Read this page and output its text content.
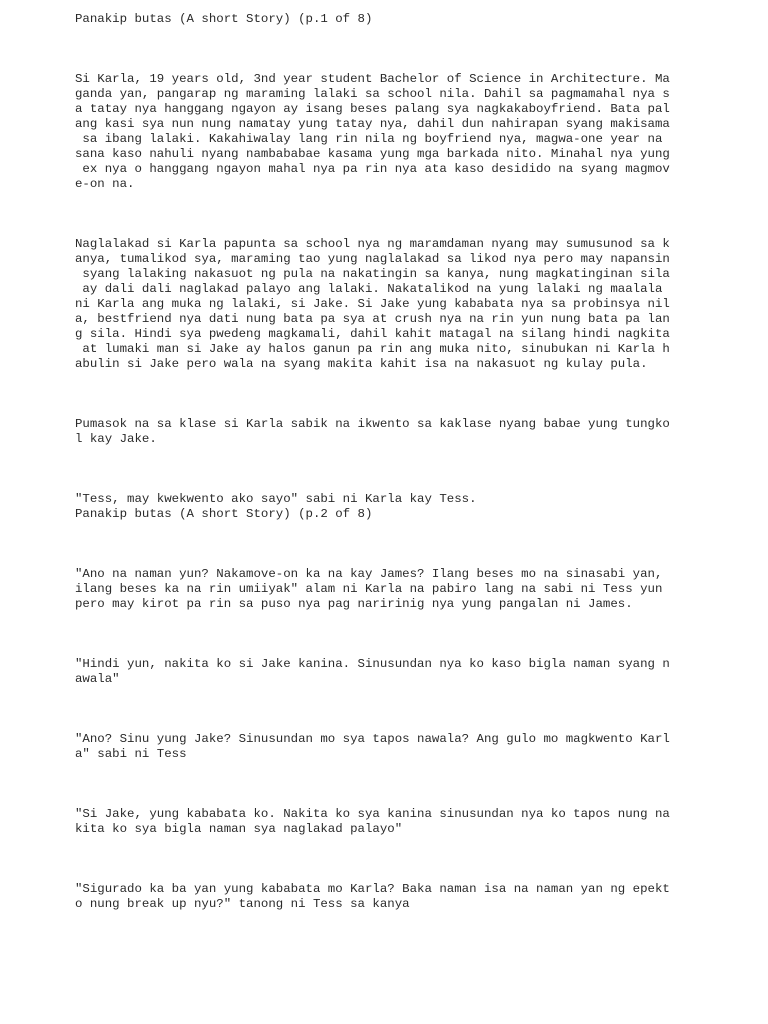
Panakip butas (A short Story) (p.1 of 8)
Si Karla, 19 years old, 3nd year student Bachelor of Science in Architecture. Ma
ganda yan, pangarap ng maraming lalaki sa school nila. Dahil sa pagmamahal nya s
a tatay nya hanggang ngayon ay isang beses palang sya nagkakaboyfriend. Bata pal
ang kasi sya nun nung namatay yung tatay nya, dahil dun nahirapan syang makisama
sa ibang lalaki. Kakahiwalay lang rin nila ng boyfriend nya, magwa-one year na
sana kaso nahuli nyang nambababae kasama yung mga barkada nito. Minahal nya yung
ex nya o hanggang ngayon mahal nya pa rin nya ata kaso desidido na syang magmov
e-on na.
Naglalakad si Karla papunta sa school nya ng maramdaman nyang may sumusunod sa k
anya, tumalikod sya, maraming tao yung naglalakad sa likod nya pero may napansin
syang lalaking nakasuot ng pula na nakatingin sa kanya, nung magkatinginan sila
ay dali dali naglakad palayo ang lalaki. Nakatalikod na yung lalaki ng maalala
ni Karla ang muka ng lalaki, si Jake. Si Jake yung kababata nya sa probinsya nil
a, bestfriend nya dati nung bata pa sya at crush nya na rin yun nung bata pa lan
g sila. Hindi sya pwedeng magkamali, dahil kahit matagal na silang hindi nagkita
at lumaki man si Jake ay halos ganun pa rin ang muka nito, sinubukan ni Karla h
abulin si Jake pero wala na syang makita kahit isa na nakasuot ng kulay pula.
Pumasok na sa klase si Karla sabik na ikwento sa kaklase nyang babae yung tungko
l kay Jake.
"Tess, may kwekwento ako sayo" sabi ni Karla kay Tess.
Panakip butas (A short Story) (p.2 of 8)
"Ano na naman yun? Nakamove-on ka na kay James? Ilang beses mo na sinasabi yan,
ilang beses ka na rin umiiyak" alam ni Karla na pabiro lang na sabi ni Tess yun
pero may kirot pa rin sa puso nya pag naririnig nya yung pangalan ni James.
"Hindi yun, nakita ko si Jake kanina. Sinusundan nya ko kaso bigla naman syang n
awala"
"Ano? Sinu yung Jake? Sinusundan mo sya tapos nawala? Ang gulo mo magkwento Karl
a" sabi ni Tess
"Si Jake, yung kababata ko. Nakita ko sya kanina sinusundan nya ko tapos nung na
kita ko sya bigla naman sya naglakad palayo"
"Sigurado ka ba yan yung kababata mo Karla? Baka naman isa na naman yan ng epekt
o nung break up nyu?" tanong ni Tess sa kanya
